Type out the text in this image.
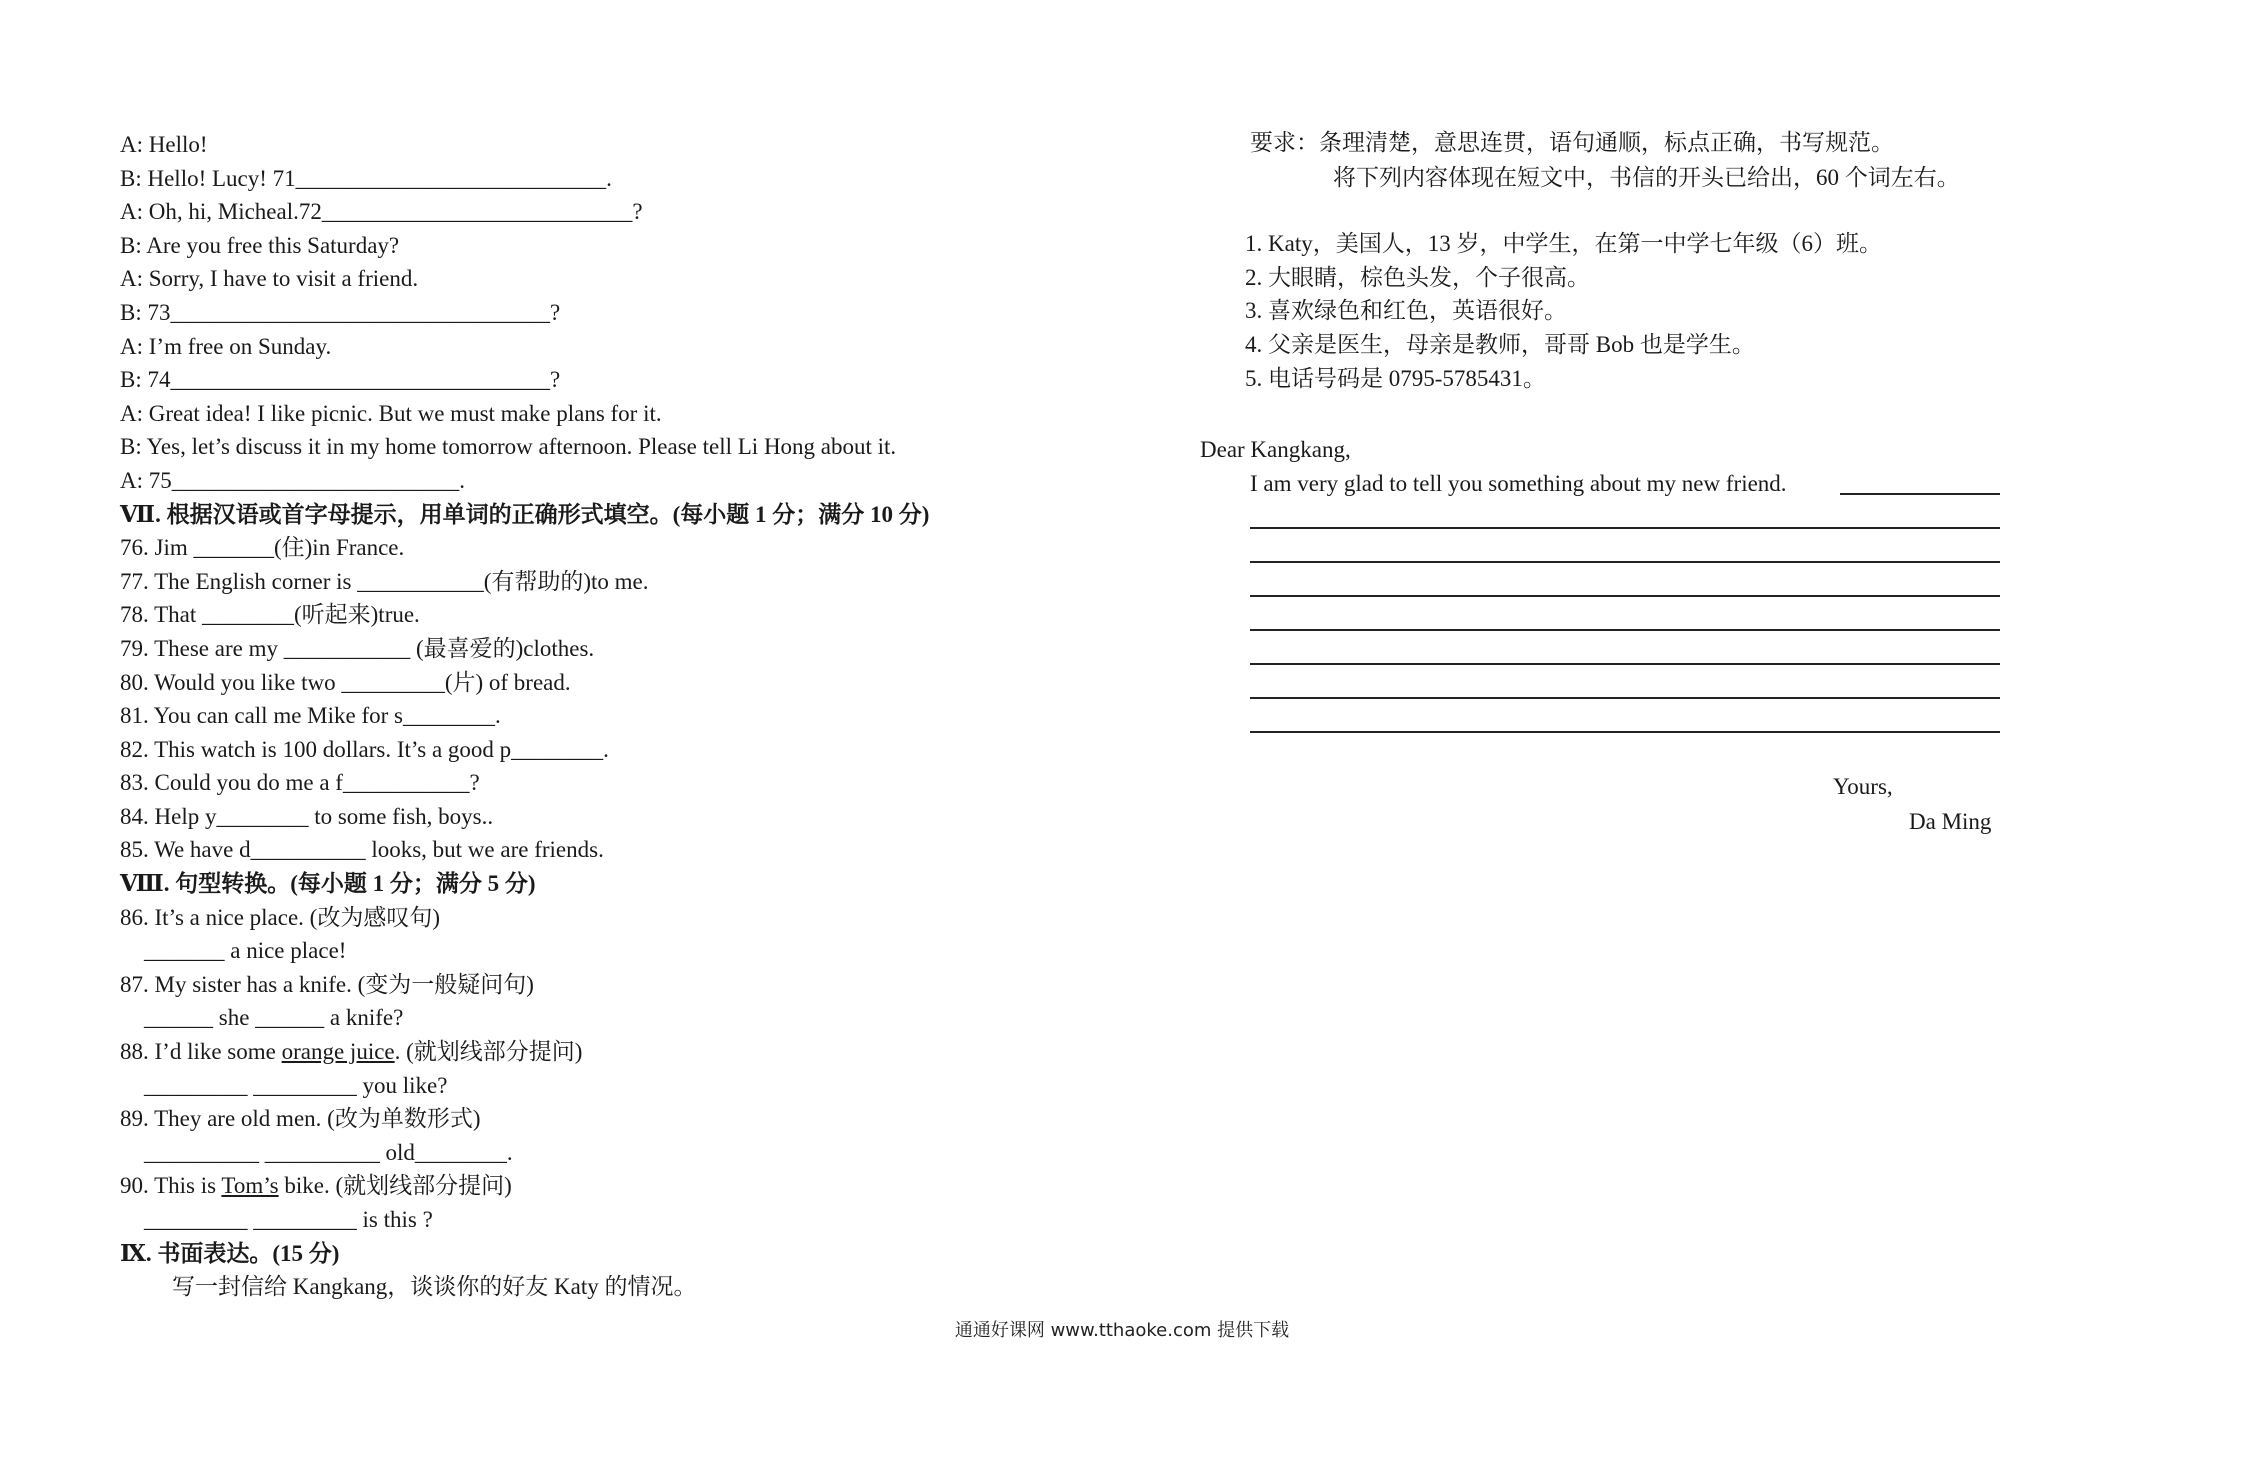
A: Hello!
B: Hello! Lucy! 71___________________________.
A: Oh, hi, Micheal.72___________________________?
B: Are you free this Saturday?
A: Sorry, I have to visit a friend.
B: 73_________________________________?
A: I’m free on Sunday.
B: 74_________________________________?
A: Great idea! I like picnic. But we must make plans for it.
B: Yes, let’s discuss it in my home tomorrow afternoon. Please tell Li Hong about it.
A: 75_________________________.
Ⅶ. 根据汉语或首字母提示，用单词的正确形式填空。(每小题 1 分；满分 10 分)
76. Jim _______(住)in France.
77. The English corner is ___________(有帮助的)to me.
78. That ________(听起来)true.
79. These are my ___________ (最喜爱的)clothes.
80. Would you like two _________(片) of bread.
81. You can call me Mike for s________.
82. This watch is 100 dollars. It’s a good p________.
83. Could you do me a f___________?
84. Help y________ to some fish, boys..
85. We have d__________ looks, but we are friends.
Ⅷ. 句型转换。(每小题 1 分；满分 5 分)
86. It’s a nice place. (改为感叹句)
_______ a nice place!
87. My sister has a knife. (变为一般疑问句)
______ she ______ a knife?
88. I’d like some orange juice. (就划线部分提问)
_________ _________ you like?
89. They are old men. (改为单数形式)
__________ __________ old________.
90. This is Tom’s bike. (就划线部分提问)
_________ _________ is this ?
Ⅸ. 书面表达。(15 分)
写一封信给 Kangkang，谈谈你的好友 Katy 的情况。
要求：条理清楚，意思连贯，语句通顺，标点正确，书写规范。
将下列内容体现在短文中，书信的开头已给出，60 个词左右。
1. Katy，美国人，13 岁，中学生，在第一中学七年级（6）班。
2. 大眼睛，棕色头发，个子很高。
3. 喜欢绿色和红色，英语很好。
4. 父亲是医生，母亲是教师，哥哥 Bob 也是学生。
5. 电话号码是 0795-5785431。
Dear Kangkang,
I am very glad to tell you something about my new friend.
Yours,
Da Ming
通通好课网 www.tthaoke.com 提供下载
